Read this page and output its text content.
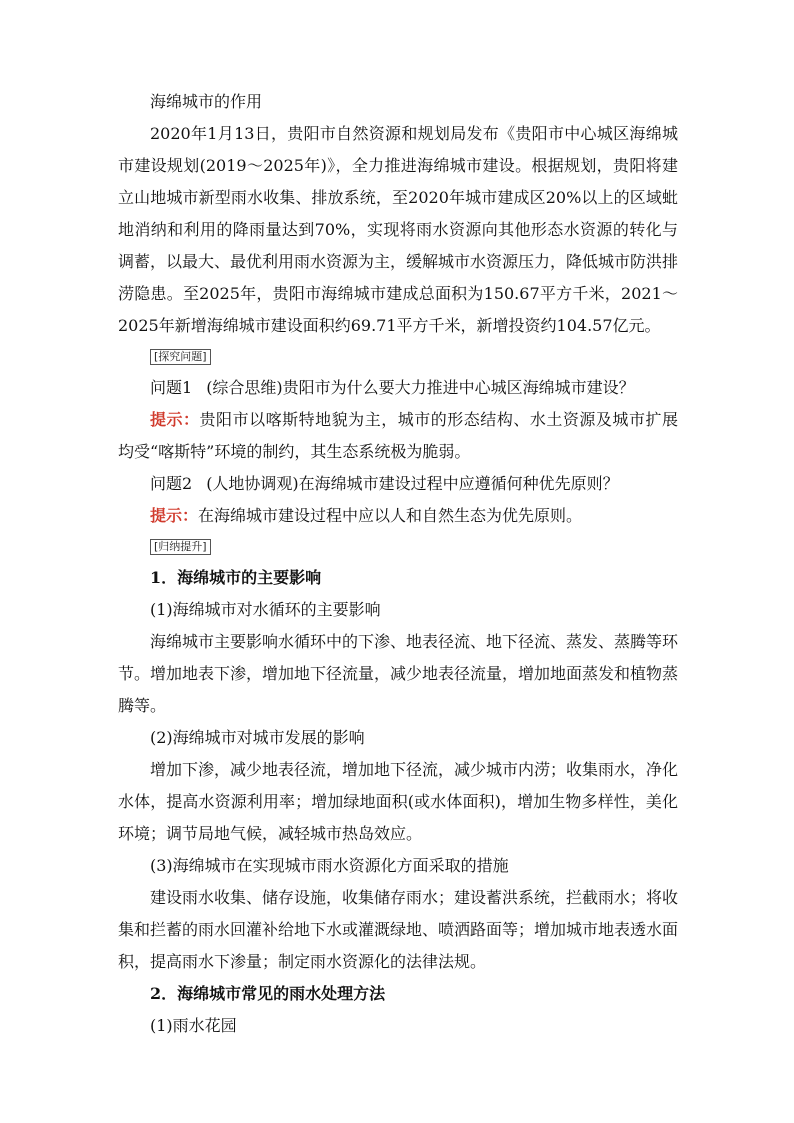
海绵城市的作用
2020年1月13日，贵阳市自然资源和规划局发布《贵阳市中心城区海绵城市建设规划(2019～2025年)》，全力推进海绵城市建设。根据规划，贵阳将建立山地城市新型雨水收集、排放系统，至2020年城市建成区20%以上的区域蚍地消纳和利用的降雨量达到70%，实现将雨水资源向其他形态水资源的转化与调蓄，以最大、最优利用雨水资源为主，缓解城市水资源压力，降低城市防洪排涝隐患。至2025年，贵阳市海绵城市建成总面积为150.67平方千米，2021～2025年新增海绵城市建设面积约69.71平方千米，新增投资约104.57亿元。
[探究问题]
问题1 (综合思维)贵阳市为什么要大力推进中心城区海绵城市建设？
提示：贵阳市以喀斯特地貌为主，城市的形态结构、水土资源及城市扩展均受“喀斯特”环境的制约，其生态系统极为脆弱。
问题2 (人地协调观)在海绵城市建设过程中应遵循何种优先原则？
提示：在海绵城市建设过程中应以人和自然生态为优先原则。
[归纳提升]
1．海绵城市的主要影响
(1)海绵城市对水循环的主要影响
海绵城市主要影响水循环中的下渗、地表径流、地下径流、蒸发、蒸腾等环节。增加地表下渗，增加地下径流量，减少地表径流量，增加地面蒸发和植物蒸腾等。
(2)海绵城市对城市发展的影响
增加下渗，减少地表径流，增加地下径流，减少城市内涝；收集雨水，净化水体，提高水资源利用率；增加绿地面积(或水体面积)，增加生物多样性，美化环境；调节局地气候，减轻城市热岛效应。
(3)海绵城市在实现城市雨水资源化方面采取的措施
建设雨水收集、储存设施，收集储存雨水；建设蓄洪系统，拦截雨水；将收集和拦蓄的雨水回灌补给地下水或灌溉绿地、喷洒路面等；增加城市地表透水面积，提高雨水下渗量；制定雨水资源化的法律法规。
2．海绵城市常见的雨水处理方法
(1)雨水花园
